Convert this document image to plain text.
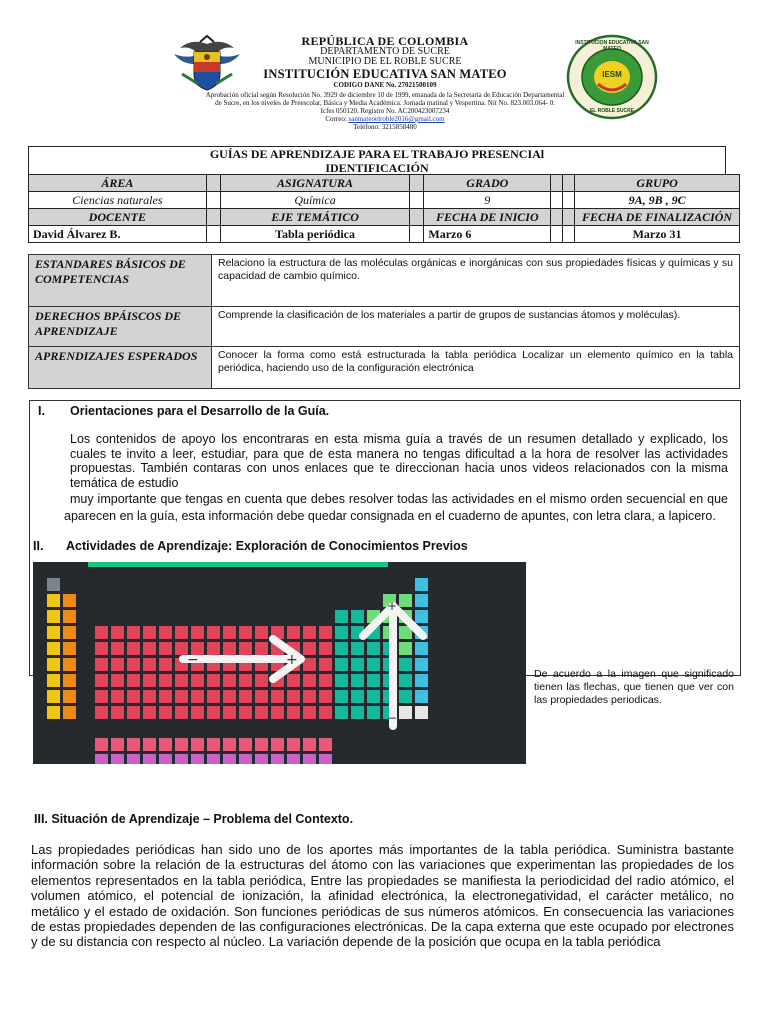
REPÚBLICA DE COLOMBIA
DEPARTAMENTO DE SUCRE
MUNICIPIO DE EL ROBLE SUCRE
INSTITUCIÓN EDUCATIVA SAN MATEO
CODIGO DANE No. 27021500109
Aprobación oficial según Resolución No. 3929 de diciembre 10 de 1999, emanada de la Secretaría de Educación Departamental
de Sucre, en los niveles de Preescolar, Básica y Media Académica. Jornada matinal y Vespertina. Nit No. 823.003.064- 0.
Icfes 050120. Registro No. AC200423007234
Correo: sanmateoelroble2016@gmail.com
Teléfono: 3215858480
INSTITUCION EDUCATIVA SAN MATEO
IESM
EL ROBLE SUCRE
GUÍAS DE APRENDIZAJE PARA EL TRABAJO PRESENCIAl
IDENTIFICACIÓN
ÁREA		ASIGNATURA		GRADO			GRUPO
Ciencias naturales		Química		9			9A, 9B , 9C
DOCENTE		EJE TEMÁTICO		FECHA DE INICIO			FECHA DE FINALIZACIÓN
David Álvarez B.		Tabla periódica		Marzo 6			Marzo 31
ESTANDARES BÁSICOS DE COMPETENCIAS	Relaciono la estructura de las moléculas orgánicas e inorgánicas con sus propiedades físicas y químicas y su capacidad de cambio químico.
DERECHOS BPÁISCOS DE APRENDIZAJE	Comprende la clasificación de los materiales a partir de grupos de sustancias átomos y moléculas).
APRENDIZAJES ESPERADOS	Conocer la forma como está estructurada la tabla periódica Localizar un elemento químico en la tabla periódica, haciendo uso de la configuración electrónica
I. Orientaciones para el Desarrollo de la Guía.
Los contenidos de apoyo los encontraras en esta misma guía a través de un resumen detallado y explicado, los cuales te invito a leer, estudiar, para que de esta manera no tengas dificultad a la hora de resolver las actividades propuestas. También contaras con unos enlaces que te direccionan hacia unos videos relacionados con la misma temática de estudio
muy importante que tengas en cuenta que debes resolver todas las actividades en el mismo orden secuencial en que aparecen en la guía, esta información debe quedar consignada en el cuaderno de apuntes, con letra clara, a lapicero.
II. Actividades de Aprendizaje: Exploración de Conocimientos Previos
−	+
+
−
De acuerdo a la imagen que significado tienen las flechas, que tienen que ver con las propiedades periodicas.
III. Situación de Aprendizaje – Problema del Contexto.
Las propiedades periódicas han sido uno de los aportes más importantes de la tabla periódica. Suministra bastante información sobre la relación de la estructuras del átomo con las variaciones que experimentan las propiedades de los elementos representados en la tabla periódica, Entre las propiedades se manifiesta la periodicidad del radio atómico, el volumen atómico, el potencial de ionización, la afinidad electrónica, la electronegatividad, el carácter metálico, no metálico y el estado de oxidación. Son funciones periódicas de sus números atómicos. En consecuencia las variaciones de estas propiedades dependen de las configuraciones electrónicas. De la capa externa que este ocupado por electrones y de su distancia con respecto al núcleo. La variación depende de la posición que ocupa en la tabla periódica
